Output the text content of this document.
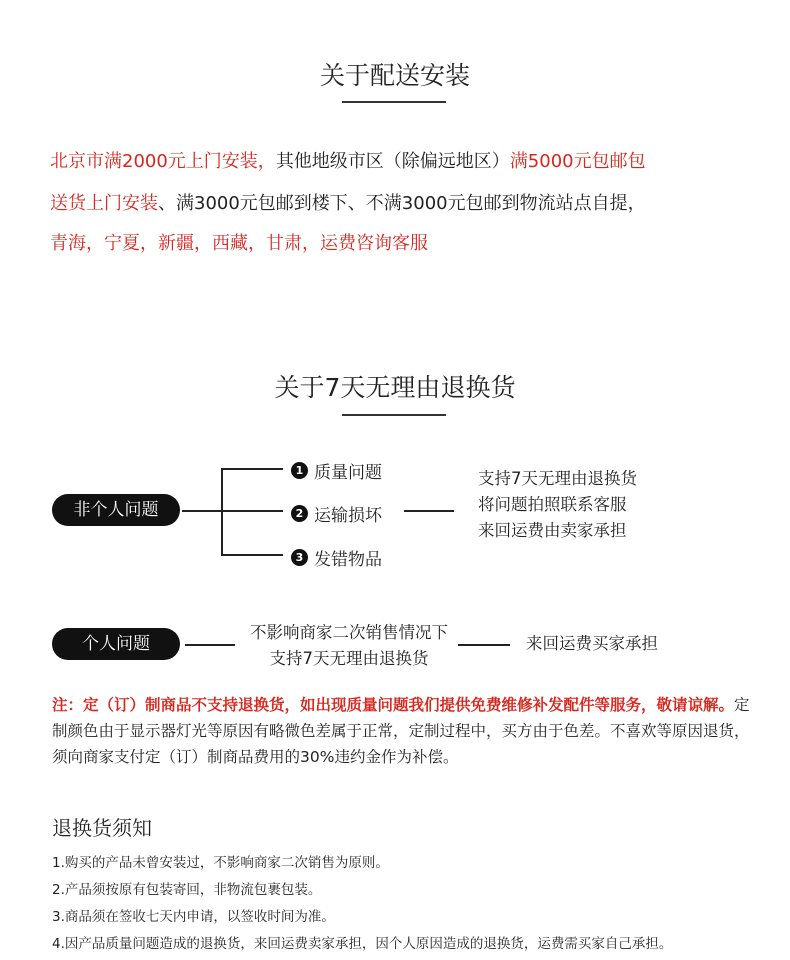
关于配送安装
北京市满2000元上门安装，其他地级市区（除偏远地区）满5000元包邮包
送货上门安装、满3000元包邮到楼下、不满3000元包邮到物流站点自提，
青海，宁夏，新疆，西藏，甘肃，运费咨询客服
关于7天无理由退换货
非个人问题
1 质量问题
2 运输损坏
3 发错物品
支持7天无理由退换货
将问题拍照联系客服
来回运费由卖家承担
个人问题
不影响商家二次销售情况下
支持7天无理由退换货
来回运费买家承担
注：定（订）制商品不支持退换货，如出现质量问题我们提供免费维修补发配件等服务，敬请谅解。定制颜色由于显示器灯光等原因有略微色差属于正常，定制过程中，买方由于色差。不喜欢等原因退货，须向商家支付定（订）制商品费用的30%违约金作为补偿。
退换货须知
1.购买的产品未曾安装过，不影响商家二次销售为原则。
2.产品须按原有包装寄回，非物流包裹包装。
3.商品须在签收七天内申请，以签收时间为准。
4.因产品质量问题造成的退换货，来回运费卖家承担，因个人原因造成的退换货，运费需买家自己承担。
